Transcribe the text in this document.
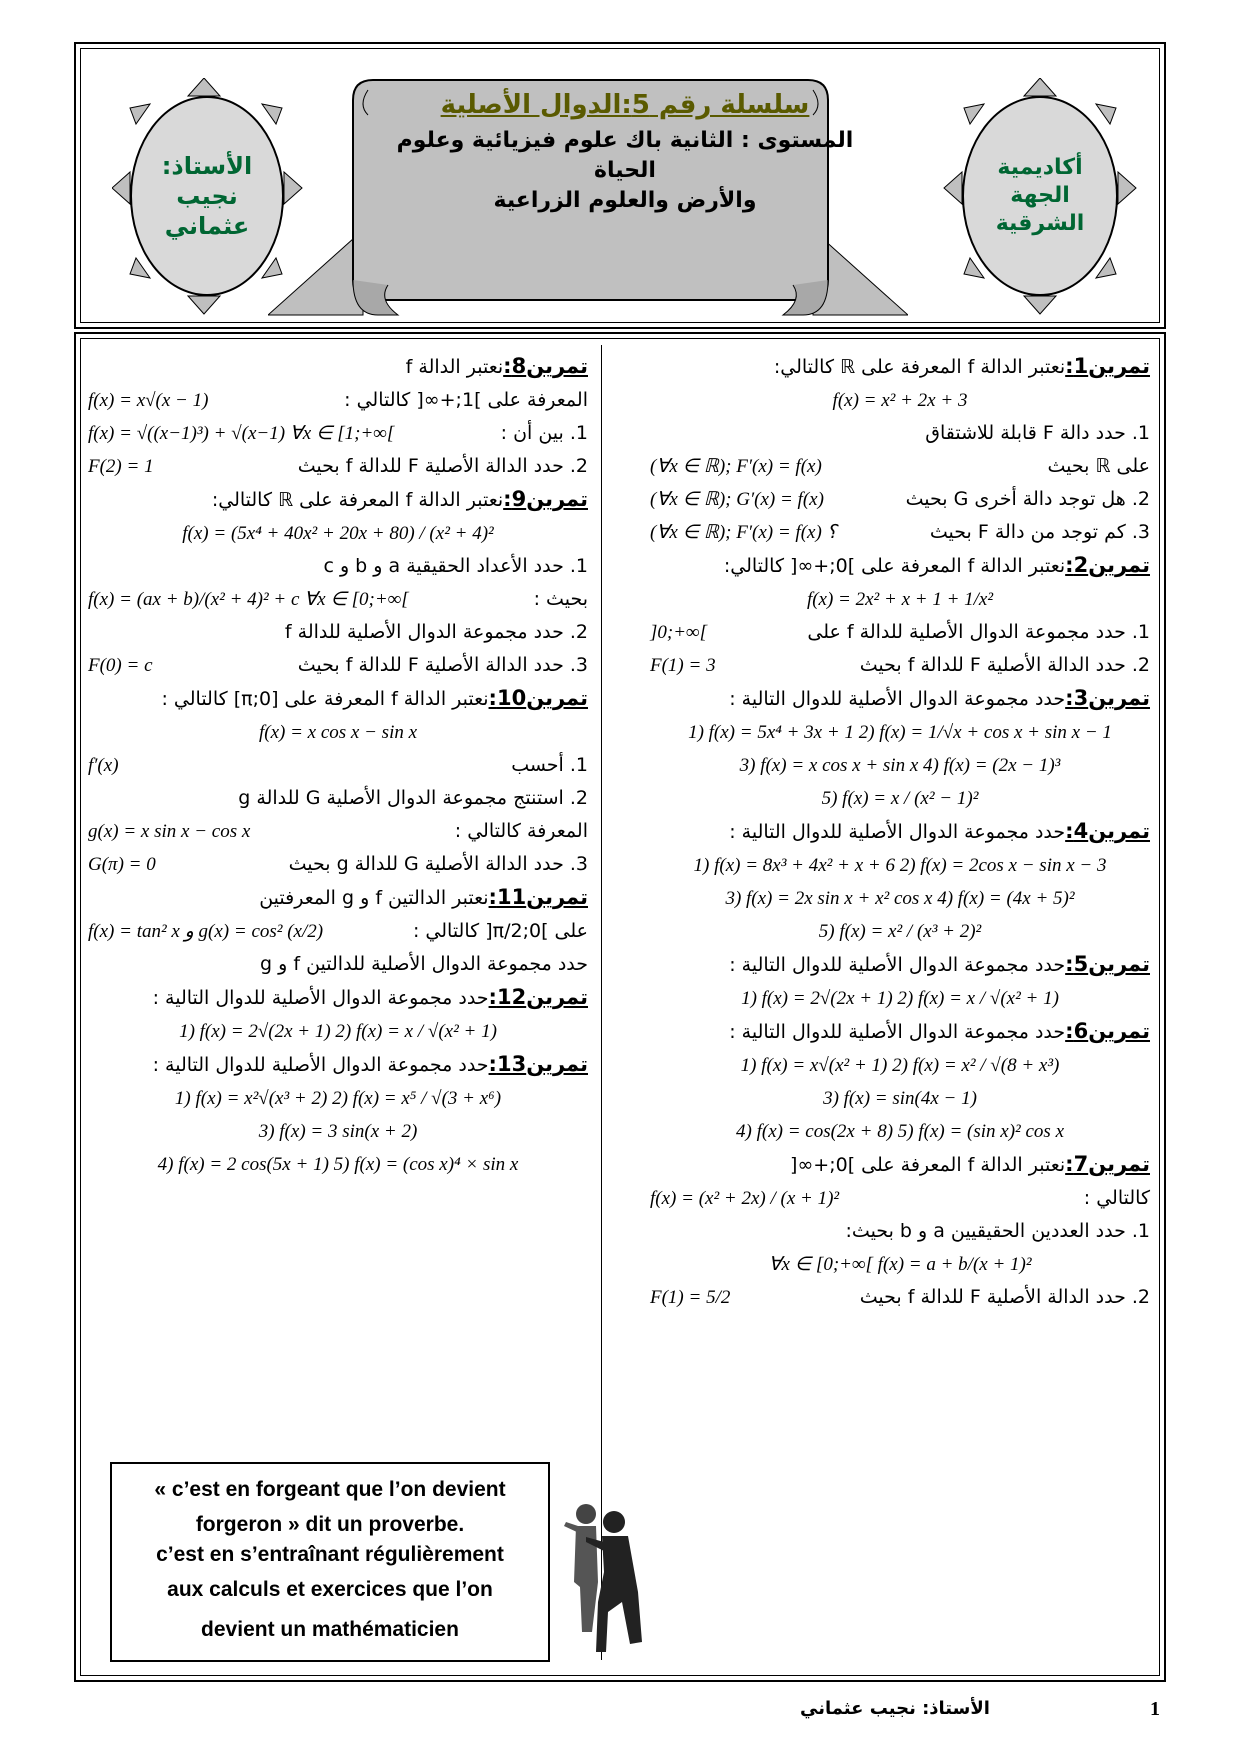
الأستاذ:
نجيب
عثماني
أكاديمية
الجهة
الشرقية
سلسلة رقم 5:الدوال الأصلية
المستوى : الثانية باك علوم فيزيائية وعلوم الحياة
والأرض والعلوم الزراعية
تمرين1:نعتبر الدالة f المعرفة على ℝ كالتالي:
f(x) = x² + 2x + 3
1. حدد دالة F قابلة للاشتقاق
على ℝ بحيث
(∀x ∈ ℝ); F′(x) = f(x)
2. هل توجد دالة أخرى G بحيث
(∀x ∈ ℝ); G′(x) = f(x)
3. كم توجد من دالة F بحيث
(∀x ∈ ℝ); F′(x) = f(x) ؟
تمرين2:نعتبر الدالة f المعرفة على ]0;+∞[ كالتالي:
f(x) = 2x² + x + 1 + 1/x²
1. حدد مجموعة الدوال الأصلية للدالة f على
]0;+∞[
2. حدد الدالة الأصلية F للدالة f بحيث
F(1) = 3
تمرين3:حدد مجموعة الدوال الأصلية للدوال التالية :
1) f(x) = 5x⁴ + 3x + 1 2) f(x) = 1/√x + cos x + sin x − 1
3) f(x) = x cos x + sin x 4) f(x) = (2x − 1)³
5) f(x) = x / (x² − 1)²
تمرين4:حدد مجموعة الدوال الأصلية للدوال التالية :
1) f(x) = 8x³ + 4x² + x + 6 2) f(x) = 2cos x − sin x − 3
3) f(x) = 2x sin x + x² cos x 4) f(x) = (4x + 5)²
5) f(x) = x² / (x³ + 2)²
تمرين5:حدد مجموعة الدوال الأصلية للدوال التالية :
1) f(x) = 2√(2x + 1) 2) f(x) = x / √(x² + 1)
تمرين6:حدد مجموعة الدوال الأصلية للدوال التالية :
1) f(x) = x√(x² + 1) 2) f(x) = x² / √(8 + x³)
3) f(x) = sin(4x − 1)
4) f(x) = cos(2x + 8) 5) f(x) = (sin x)² cos x
تمرين7:نعتبر الدالة f المعرفة على ]0;+∞[
كالتالي :
f(x) = (x² + 2x) / (x + 1)²
1. حدد العددين الحقيقيين a و b بحيث:
∀x ∈ [0;+∞[ f(x) = a + b/(x + 1)²
2. حدد الدالة الأصلية F للدالة f بحيث
F(1) = 5/2
تمرين8:نعتبر الدالة f
المعرفة على ]1;+∞[ كالتالي :
f(x) = x√(x − 1)
1. بين أن :
f(x) = √((x−1)³) + √(x−1) ∀x ∈ [1;+∞[
2. حدد الدالة الأصلية F للدالة f بحيث
F(2) = 1
تمرين9:نعتبر الدالة f المعرفة على ℝ كالتالي:
f(x) = (5x⁴ + 40x² + 20x + 80) / (x² + 4)²
1. حدد الأعداد الحقيقية a و b و c
بحيث :
f(x) = (ax + b)/(x² + 4)² + c ∀x ∈ [0;+∞[
2. حدد مجموعة الدوال الأصلية للدالة f
3. حدد الدالة الأصلية F للدالة f بحيث
F(0) = c
تمرين10:نعتبر الدالة f المعرفة على [0;π] كالتالي :
f(x) = x cos x − sin x
1. أحسب
f′(x)
2. استنتج مجموعة الدوال الأصلية G للدالة g
المعرفة كالتالي :
g(x) = x sin x − cos x
3. حدد الدالة الأصلية G للدالة g بحيث
G(π) = 0
تمرين11:نعتبر الدالتين f و g المعرفتين
على ]0;π/2[ كالتالي :
f(x) = tan² x و g(x) = cos² (x/2)
حدد مجموعة الدوال الأصلية للدالتين f و g
تمرين12:حدد مجموعة الدوال الأصلية للدوال التالية :
1) f(x) = 2√(2x + 1) 2) f(x) = x / √(x² + 1)
تمرين13:حدد مجموعة الدوال الأصلية للدوال التالية :
1) f(x) = x²√(x³ + 2) 2) f(x) = x⁵ / √(3 + x⁶)
3) f(x) = 3 sin(x + 2)
4) f(x) = 2 cos(5x + 1) 5) f(x) = (cos x)⁴ × sin x
« c’est en forgeant que l’on devient
forgeron » dit un proverbe.
c’est en s’entraînant régulièrement
aux calculs et exercices que l’on
devient un mathématicien
الأستاذ: نجيب عثماني	1
